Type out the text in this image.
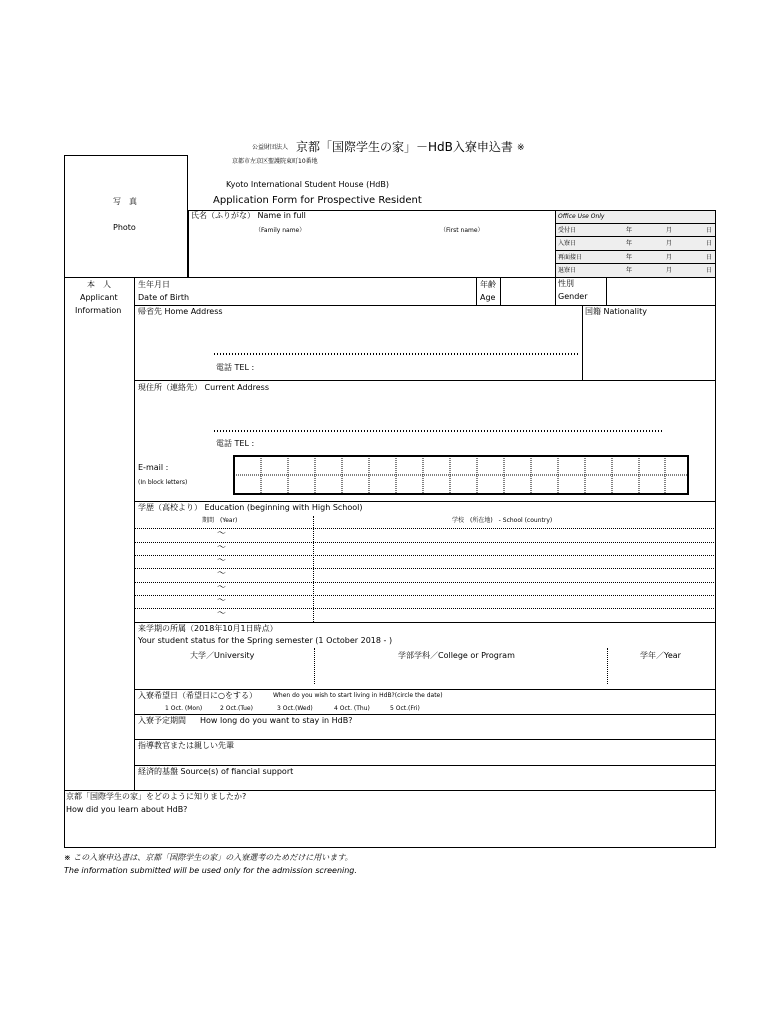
公益財団法人 京都「国際学生の家」－HdB入寮申込書 ※
京都市左京区聖護院東町10番地
Kyoto International Student House (HdB)
Application Form for Prospective Resident
写　真
Photo
氏名（ふりがな） Name in full
（Family name）	（First name）
Office Use Only
受付日	年	月	日
入寮日	年	月	日
再面接日	年	月	日
退寮日	年	月	日
本　人
Applicant
Information
生年月日
Date of Birth
年齢
Age
性別
Gender
帰省先 Home Address	国籍 Nationality
電話 TEL :
現住所（連絡先） Current Address
電話 TEL :
E-mail :
(In block letters)
学歴（高校より） Education (beginning with High School)
期間　(Year)	学校　(所在地)　- School (country)
～
～
～
～
～
～
～
来学期の所属（2018年10月1日時点）
Your student status for the Spring semester (1 October 2018 - )
大学／University	学部学科／College or Program	学年／Year
入寮希望日（希望日に○をする）	When do you wish to start living in HdB?(circle the date)
1 Oct. (Mon)	2 Oct.(Tue)	3 Oct.(Wed)	4 Oct. (Thu)	5 Oct.(Fri)
入寮予定期間 How long do you want to stay in HdB?
指導教官または親しい先輩
経済的基盤 Source(s) of fiancial support
京都「国際学生の家」をどのように知りましたか?
How did you learn about HdB?
※ この入寮申込書は、京都「国際学生の家」の入寮選考のためだけに用います。
The information submitted will be used only for the admission screening.
